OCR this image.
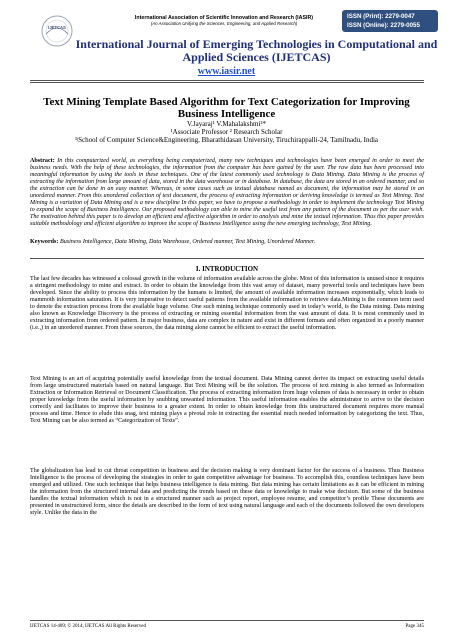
IJETCAS
International Association of Scientific Innovation and Research (IASIR)
(An Association Unifying the Sciences, Engineering, and Applied Research)
ISSN (Print): 2279-0047
ISSN (Online): 2279-0055
International Journal of Emerging Technologies in Computational and Applied Sciences (IJETCAS)
www.iasir.net
Text Mining Template Based Algorithm for Text Categorization for Improving Business Intelligence
V.Jayaraj¹ V.Mahalakshmi²*
¹Associate Professor ² Research Scholar
¹ʲSchool of Computer Science&Engineering, Bharathidasan University, Tiruchirappalli-24, Tamilnadu, India
Abstract: In this computerized world, as everything being computerized, many new techniques and technologies have been emerged in order to meet the business needs. With the help of these technologies, the information from the computer has been gained by the user. The raw data has been processed into meaningful information by using the tools in these techniques. One of the latest commonly used technology is Data Mining. Data Mining is the process of extracting the information from large amount of data, stored in the data warehouse or in database. In database, the data are stored in an ordered manner, and so the extraction can be done in an easy manner. Whereas, in some cases such as textual database named as document, the information may be stored in an unordered manner. From this unordered collection of text document, the process of extracting information or deriving knowledge is termed as Text Mining. Text Mining is a variation of Data Mining and is a new discipline In this paper, we have to propose a methodology in order to implement the technology Text Mining to expand the scope of Business Intelligence. Our proposed methodology can able to mine the useful text from any pattern of the document as per the user wish. The motivation behind this paper is to develop an efficient and effective algorithm in order to analysis and mine the textual information. Thus this paper provides suitable methodology and efficient algorithm to improve the scope of Business Intelligence using the new emerging technology, Text Mining.
Keywords: Business Intelligence, Data Mining, Data Warehouse, Ordered manner, Text Mining, Unordered Manner.
I. INTRODUCTION
The last few decades has witnessed a colossal growth in the volume of information available across the globe. Most of this information is unused since it requires a stringent methodology to mine and extract. In order to obtain the knowledge from this vast array of dataset, many powerful tools and techniques have been developed. Since the ability to process this information by the humans is limited, the amount of available information increases exponentially, which leads to mammoth information saturation. It is very imperative to detect useful patterns from the available information to retrieve data.Mining is the common term used to denote the extraction process from the available huge volume. One such mining technique commonly used in today’s world, is the Data mining. Data mining also known as Knowledge Discovery is the process of extracting or mining essential information from the vast amount of data. It is most commonly used in extracting information from ordered pattern. In major business, data are complex in nature and exist in different formats and often organized in a poorly manner (i.e.,) in an unordered manner. From these sources, the data mining alone cannot be efficient to extract the useful information.
Text Mining is an art of acquiring potentially useful knowledge from the textual document. Data Mining cannot derive its impact on extracting useful details from large unstructured materials based on natural language. But Text Mining will be the solution. The process of text mining is also termed as Information Extraction or Information Retrieval or Document Classification. The process of extracting information from huge volumes of data is necessary in order to obtain proper knowledge from the useful information by snubbing unwanted information. This useful information enables the administrator to arrive to the decision correctly and facilitates to improve their business to a greater extent. In order to obtain knowledge from this unstructured document requires more manual process and time. Hence to elude this snag, text mining plays a pivotal role in extracting the essential much needed information by categorizing the text. Thus, Text Mining can be also termed as “Categorization of Texts”.
The globalization has lead to cut throat competition in business and the decision making is very dominant factor for the success of a business. Thus Business Intelligence is the process of developing the strategies in order to gain competitive advantage for business. To accomplish this, countless techniques have been emerged and utilized. One such technique that helps business intelligence is data mining. But data mining has certain limitations as it can be efficient in mining the information from the structured internal data and predicting the trends based on these data or knowledge to make wise decision. But some of the business handles the textual information which is not in a structured manner such as project report, employee resume, and competitor’s profile These documents are presented in unstructured form, since the details are described in the form of text using natural language and each of the documents followed the own developers style. Unlike the data in the
IJETCAS 14-409; © 2014, IJETCAS All Rights Reserved	Page 345
